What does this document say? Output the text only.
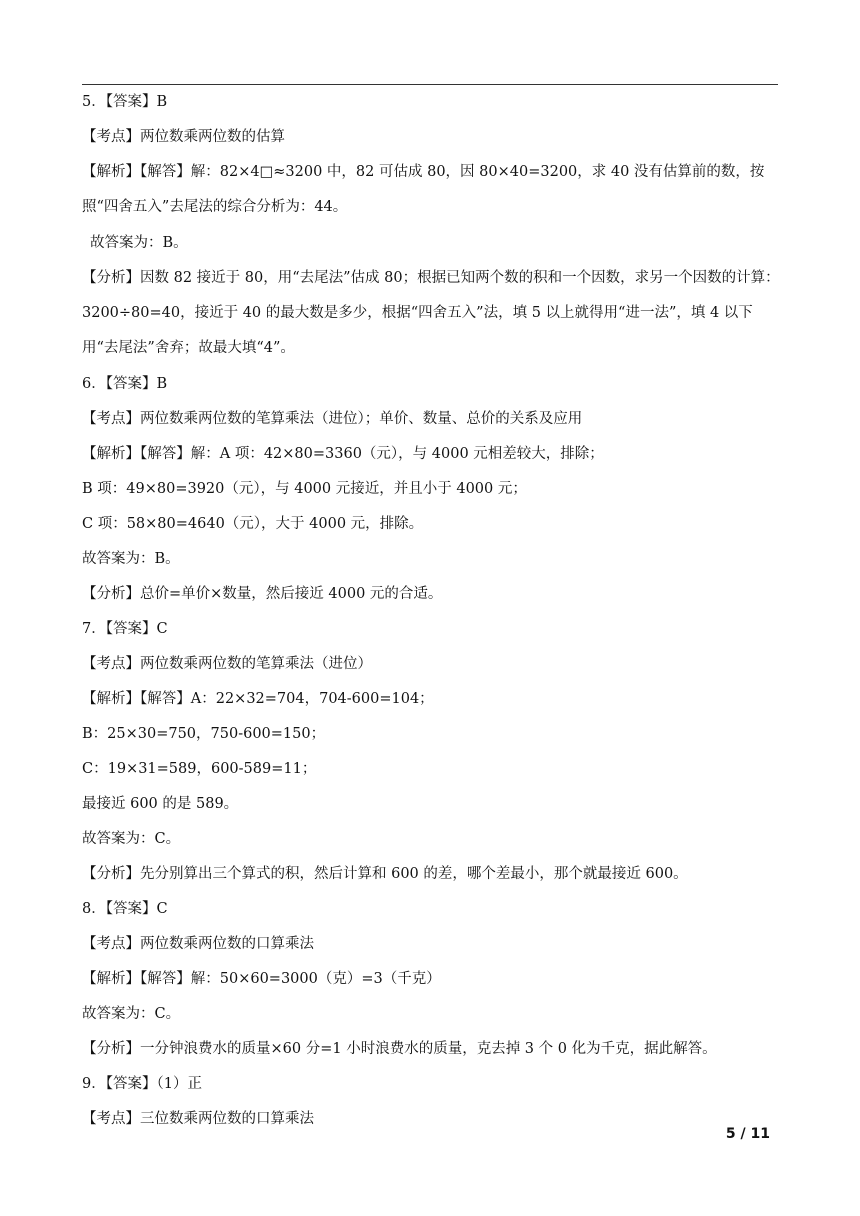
5．【答案】B

【考点】两位数乘两位数的估算

【解析】【解答】解：82×4□≈3200 中，82 可估成 80，因 80×40=3200，求 40 没有估算前的数，按照“四舍五入”去尾法的综合分析为：44。

故答案为：B。

【分析】因数 82 接近于 80，用“去尾法”估成 80；根据已知两个数的积和一个因数，求另一个因数的计算：3200÷80=40，接近于 40 的最大数是多少，根据“四舍五入”法，填 5 以上就得用“进一法”，填 4 以下用“去尾法”舍弃；故最大填“4”。

6．【答案】B

【考点】两位数乘两位数的笔算乘法（进位）；单价、数量、总价的关系及应用

【解析】【解答】解：A 项：42×80=3360（元），与 4000 元相差较大，排除；

B 项：49×80=3920（元），与 4000 元接近，并且小于 4000 元；

C 项：58×80=4640（元），大于 4000 元，排除。

故答案为：B。

【分析】总价=单价×数量，然后接近 4000 元的合适。

7．【答案】C

【考点】两位数乘两位数的笔算乘法（进位）

【解析】【解答】A：22×32=704，704-600=104；

B：25×30=750，750-600=150；

C：19×31=589，600-589=11；

最接近 600 的是 589。

故答案为：C。

【分析】先分别算出三个算式的积，然后计算和 600 的差，哪个差最小，那个就最接近 600。

8．【答案】C

【考点】两位数乘两位数的口算乘法

【解析】【解答】解：50×60=3000（克）=3（千克）

故答案为：C。

【分析】一分钟浪费水的质量×60 分=1 小时浪费水的质量，克去掉 3 个 0 化为千克，据此解答。

9．【答案】（1）正

【考点】三位数乘两位数的口算乘法

5 / 11
